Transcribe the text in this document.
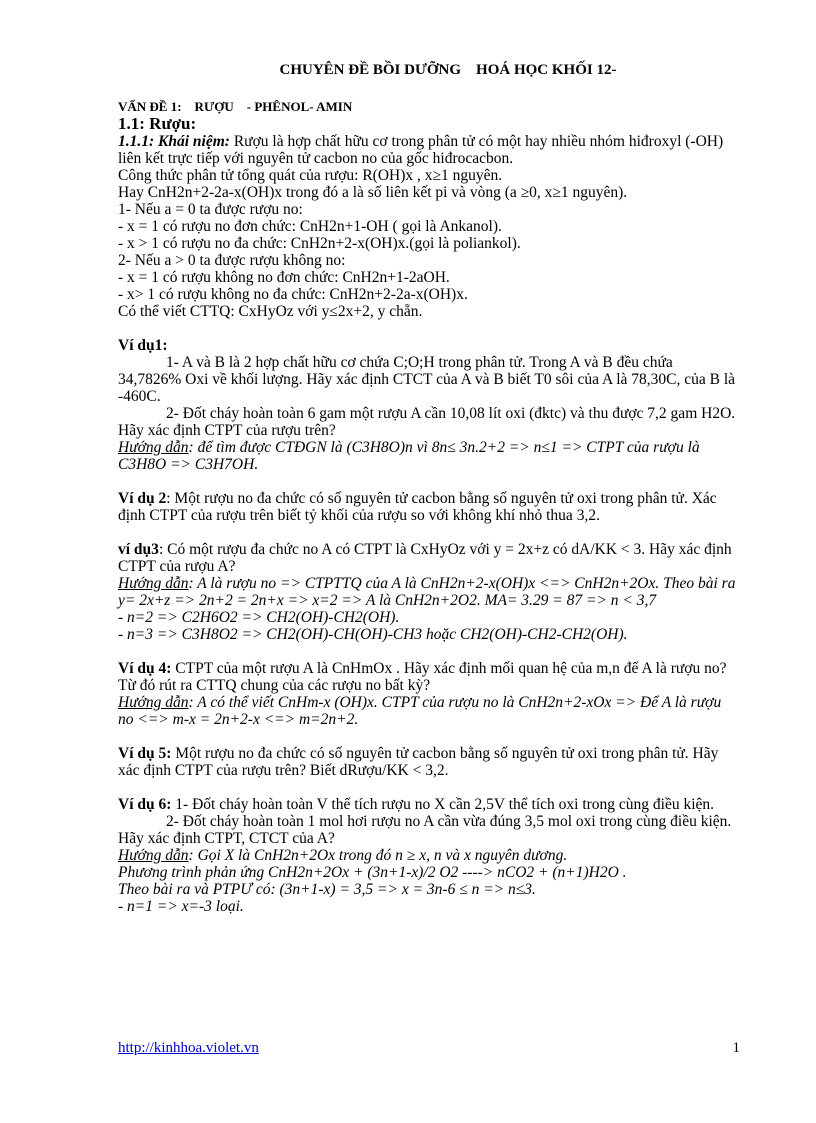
CHUYÊN ĐỀ BỒI DƯỠNG    HOÁ HỌC KHỐI 12-
VẤN ĐỀ 1:    RƯỢU    - PHÊNOL- AMIN
1.1: Rượu:

1.1.1: Khái niệm: Rượu là hợp chất hữu cơ trong phân tử có một hay nhiều nhóm hiđroxyl (-OH) liên kết trực tiếp với nguyên tử cacbon no của gốc hiđrocacbon.

Công thức phân tử tổng quát của rượu: R(OH)x , x≥1 nguyên.

Hay CnH2n+2-2a-x(OH)x trong đó a là số liên kết pi và vòng (a ≥0, x≥1 nguyên).

1- Nếu a = 0 ta được rượu no:

- x = 1 có rượu no đơn chức: CnH2n+1-OH ( gọi là Ankanol).

- x > 1 có rượu no đa chức: CnH2n+2-x(OH)x.(gọi là poliankol).

2- Nếu a > 0 ta được rượu không no:

- x = 1 có rượu không no đơn chức: CnH2n+1-2aOH.

- x> 1 có rượu không no đa chức: CnH2n+2-2a-x(OH)x.

Có thể viết CTTQ: CxHyOz với y≤2x+2, y chẵn.

Ví dụ1:

1- A và B là 2 hợp chất hữu cơ chứa C;O;H trong phân tử. Trong A và B đều chứa 34,7826% Oxi về khối lượng. Hãy xác định CTCT của A và B biết T0 sôi của A là 78,30C, của B là -460C.

2- Đốt cháy hoàn toàn 6 gam một rượu A cần 10,08 lít oxi (đktc) và thu được 7,2 gam H2O. Hãy xác định CTPT của rượu trên?

Hướng dẫn: để tìm được CTĐGN là (C3H8O)n vì 8n≤ 3n.2+2 => n≤1 => CTPT của rượu là C3H8O => C3H7OH.

Ví dụ 2: Một rượu no đa chức có số nguyên tử cacbon bằng số nguyên tử oxi trong phân tử. Xác định CTPT của rượu trên biết tỷ khối của rượu so với không khí nhỏ thua 3,2.

ví dụ3: Có một rượu đa chức no A có CTPT là CxHyOz với y = 2x+z có dA/KK < 3. Hãy xác định CTPT của rượu A?

Hướng dẫn: A là rượu no => CTPTTQ của A là CnH2n+2-x(OH)x <=> CnH2n+2Ox. Theo bài ra y= 2x+z => 2n+2 = 2n+x => x=2 => A là CnH2n+2O2. MA= 3.29 = 87 => n < 3,7

- n=2 => C2H6O2 => CH2(OH)-CH2(OH).

- n=3 => C3H8O2 => CH2(OH)-CH(OH)-CH3 hoặc CH2(OH)-CH2-CH2(OH).

Ví dụ 4: CTPT của một rượu A là CnHmOx . Hãy xác định mối quan hệ của m,n để A là rượu no? Từ đó rút ra CTTQ chung của các rượu no bất kỳ?

Hướng dẫn: A có thể viết CnHm-x (OH)x. CTPT của rượu no là CnH2n+2-xOx => Để A là rượu no <=> m-x = 2n+2-x <=> m=2n+2.

Ví dụ 5: Một rượu no đa chức có số nguyên tử cacbon bằng số nguyên tử oxi trong phân tử. Hãy xác định CTPT của rượu trên? Biết dRượu/KK < 3,2.

Ví dụ 6: 1- Đốt cháy hoàn toàn V thể tích rượu no X cần 2,5V thể tích oxi trong cùng điều kiện.

2- Đốt cháy hoàn toàn 1 mol hơi rượu no A cần vừa đúng 3,5 mol oxi trong cùng điều kiện. Hãy xác định CTPT, CTCT của A?

Hướng dẫn: Gọi X là CnH2n+2Ox trong đó n ≥ x, n và x nguyên dương.

Phương trình phản ứng CnH2n+2Ox + (3n+1-x)/2 O2 ----> nCO2 + (n+1)H2O .

Theo bài ra và PTPƯ có: (3n+1-x) = 3,5 => x = 3n-6 ≤ n => n≤3.

- n=1 => x=-3 loại.

http://kinhhoa.violet.vn	1
